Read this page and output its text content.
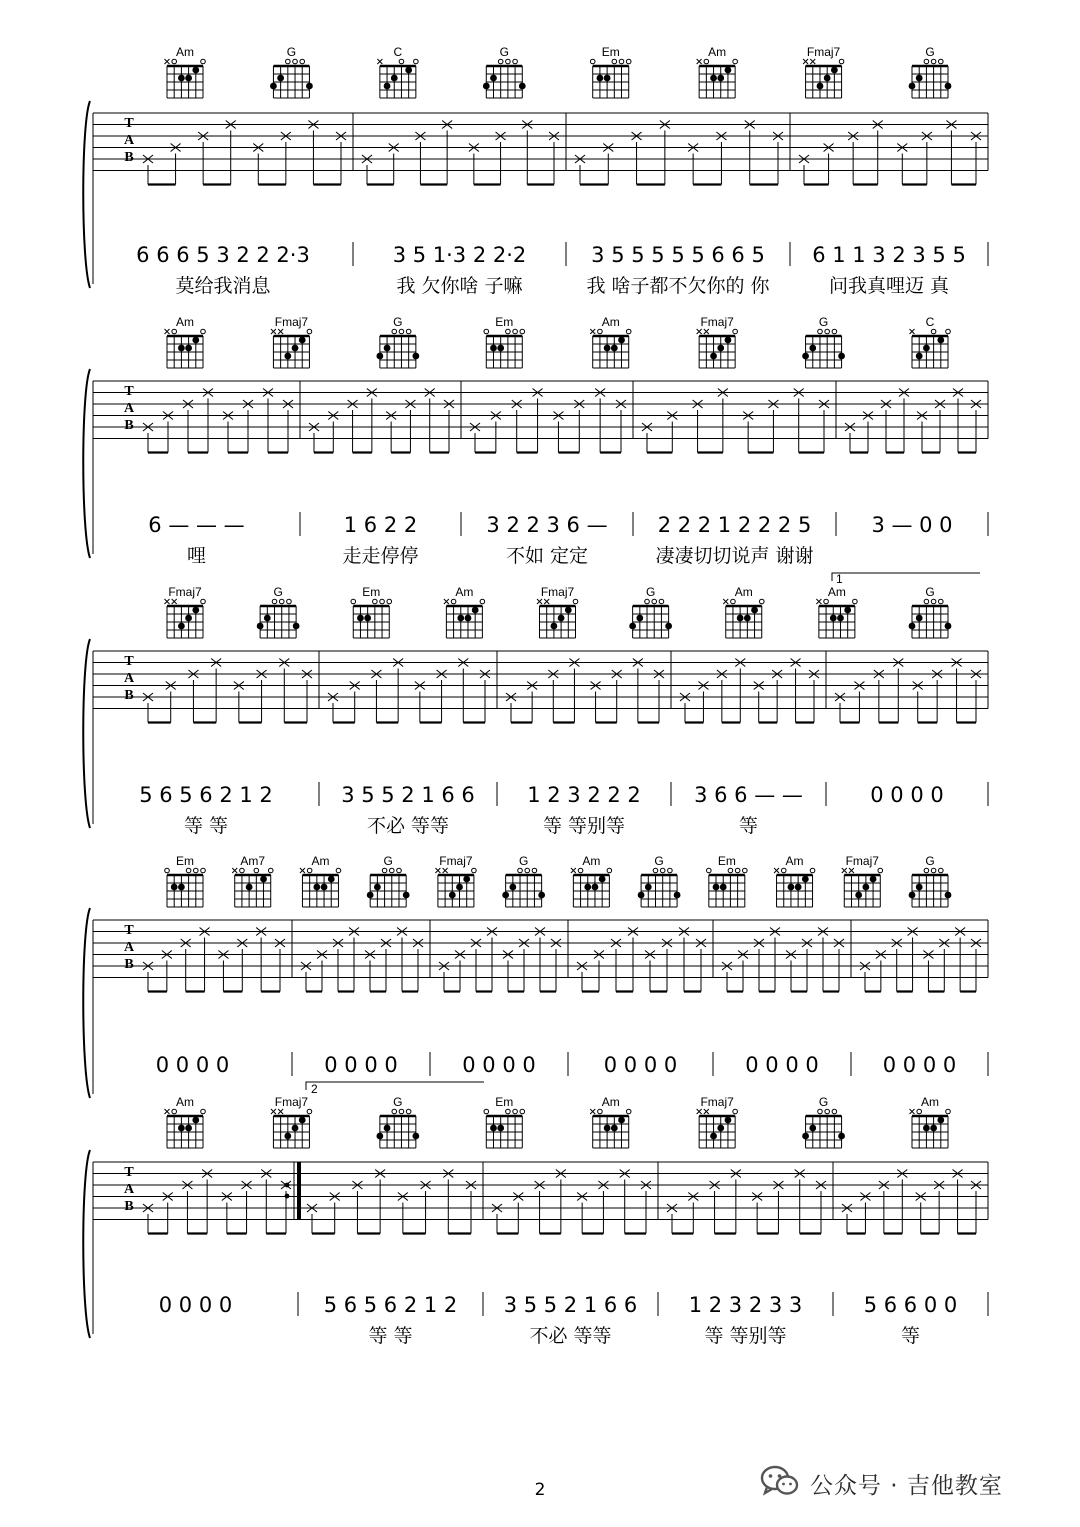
T
A
B
6 6 6 5 3 2 2 2·3
莫给我消息
3 5 1·3 2 2·2
我 欠你啥 子嘛
3 5 5 5 5 5 6 6 5
我 啥子都不欠你的 你
6 1 1 3 2 3 5 5
问我真哩迈 真
Am	G	C	G	Em	Am	Fmaj7	G
T
A
B
6 — — —
哩
1 6 2 2
走走停停
3 2 2 3 6 —
不如 定定
2 2 2 1 2 2 2 5
凄凄切切说声 谢谢
3 — 0 0
Am	Fmaj7	G	Em	Am	Fmaj7	G	C
T
A
B
5 6 5 6 2 1 2
等 等
3 5 5 2 1 6 6
不必 等等
1 2 3 2 2 2
等 等别等
3 6 6 — —
等
0 0 0 0
Fmaj7	G	Em	Am	Fmaj7	G	Am	Am	G
T
A
B
0 0 0 0	0 0 0 0	0 0 0 0	0 0 0 0	0 0 0 0	0 0 0 0
Em	Am7	Am	G	Fmaj7	G	Am	G	Em	Am	Fmaj7	G
T
A
B
0 0 0 0	5 6 5 6 2 1 2
等 等
3 5 5 2 1 6 6
不必 等等
1 2 3 2 3 3
等 等别等
5 6 6 0 0
等
Am	Fmaj7	G	Em	Am	Fmaj7	G	Am
1
2
2	公众号 · 吉他教室
